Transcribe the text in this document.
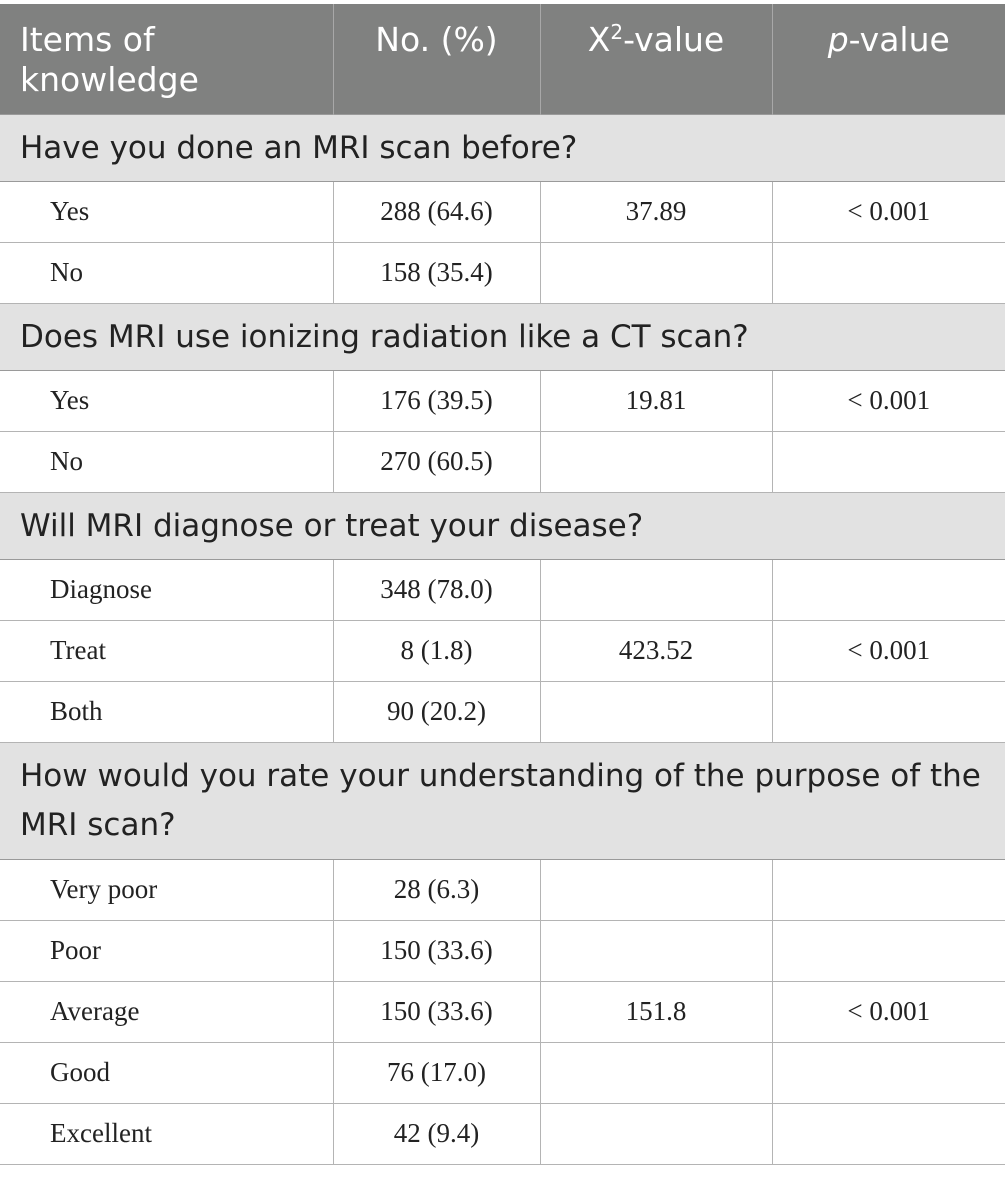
Items of knowledge	No. (%)	$X^2$-value	p-value
Have you done an MRI scan before?			
Yes	288 (64.6)	37.89	< 0.001
No	158 (35.4)		
Does MRI use ionizing radiation like a CT scan?			
Yes	176 (39.5)	19.81	< 0.001
No	270 (60.5)		
Will MRI diagnose or treat your disease?			
Diagnose	348 (78.0)		
Treat	8 (1.8)	423.52	< 0.001
Both	90 (20.2)		
How would you rate your understanding of the purpose of the MRI scan?			
Very poor	28 (6.3)		
Poor	150 (33.6)		
Average	150 (33.6)	151.8	< 0.001
Good	76 (17.0)		
Excellent	42 (9.4)		
